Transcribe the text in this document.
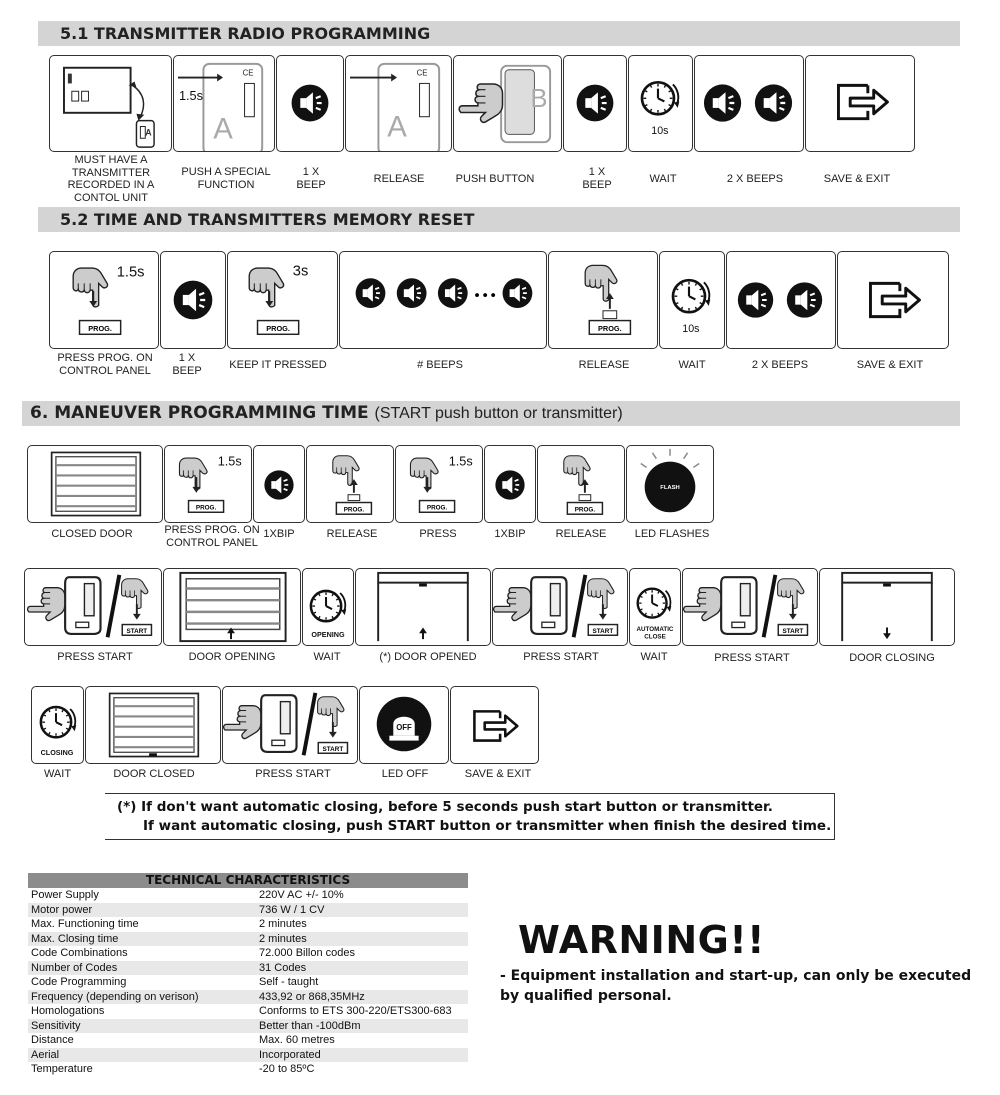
5.1 TRANSMITTER RADIO PROGRAMMING
A A
CE
1.5s
A
CE
B
10s
MUST HAVE A TRANSMITTER RECORDED IN A CONTOL UNIT
PUSH A SPECIAL FUNCTION
1 X BEEP	RELEASE	PUSH BUTTON
1 X BEEP	WAIT	2 X BEEPS	SAVE & EXIT
5.2 TIME AND TRANSMITTERS MEMORY RESET
PROG.
1.5s
PROG.
3s
•••
PROG.	10s
PRESS PROG. ON CONTROL PANEL
1 X BEEP	KEEP IT PRESSED	# BEEPS	RELEASE	WAIT	2 X BEEPS	SAVE & EXIT
6. MANEUVER PROGRAMMING TIME (START push button or transmitter)
PROG.
1.5s
PROG.	PROG.
1.5s
PROG.
FLASH
CLOSED DOOR	PRESS PROG. ON CONTROL PANEL
1XBIP	RELEASE	PRESS	1XBIP	RELEASE	LED FLASHES
START	OPENING	START	AUTOMATIC
CLOSE
START
PRESS START	DOOR OPENING	WAIT	(*) DOOR OPENED	PRESS START	WAIT	PRESS START	DOOR CLOSING
CLOSING	START
OFF
WAIT	DOOR CLOSED	PRESS START	LED OFF	SAVE & EXIT
(*) If don't want automatic closing, before 5 seconds push start button or transmitter.
If want automatic closing, push START button or transmitter when finish the desired time.
TECHNICAL CHARACTERISTICS
Power Supply	220V AC +/- 10%
Motor power	736 W / 1 CV
Max. Functioning time	2 minutes
Max. Closing time	2 minutes
Code Combinations	72.000 Billon codes
Number of Codes	31 Codes
Code Programming	Self - taught
Frequency (depending on verison)	433,92 or 868,35MHz
Homologations	Conforms to ETS 300-220/ETS300-683
Sensitivity	Better than -100dBm
Distance	Max. 60 metres
Aerial	Incorporated
Temperature	-20 to 85ºC
WARNING!!
- Equipment installation and start-up, can only be executed by qualified personal.
